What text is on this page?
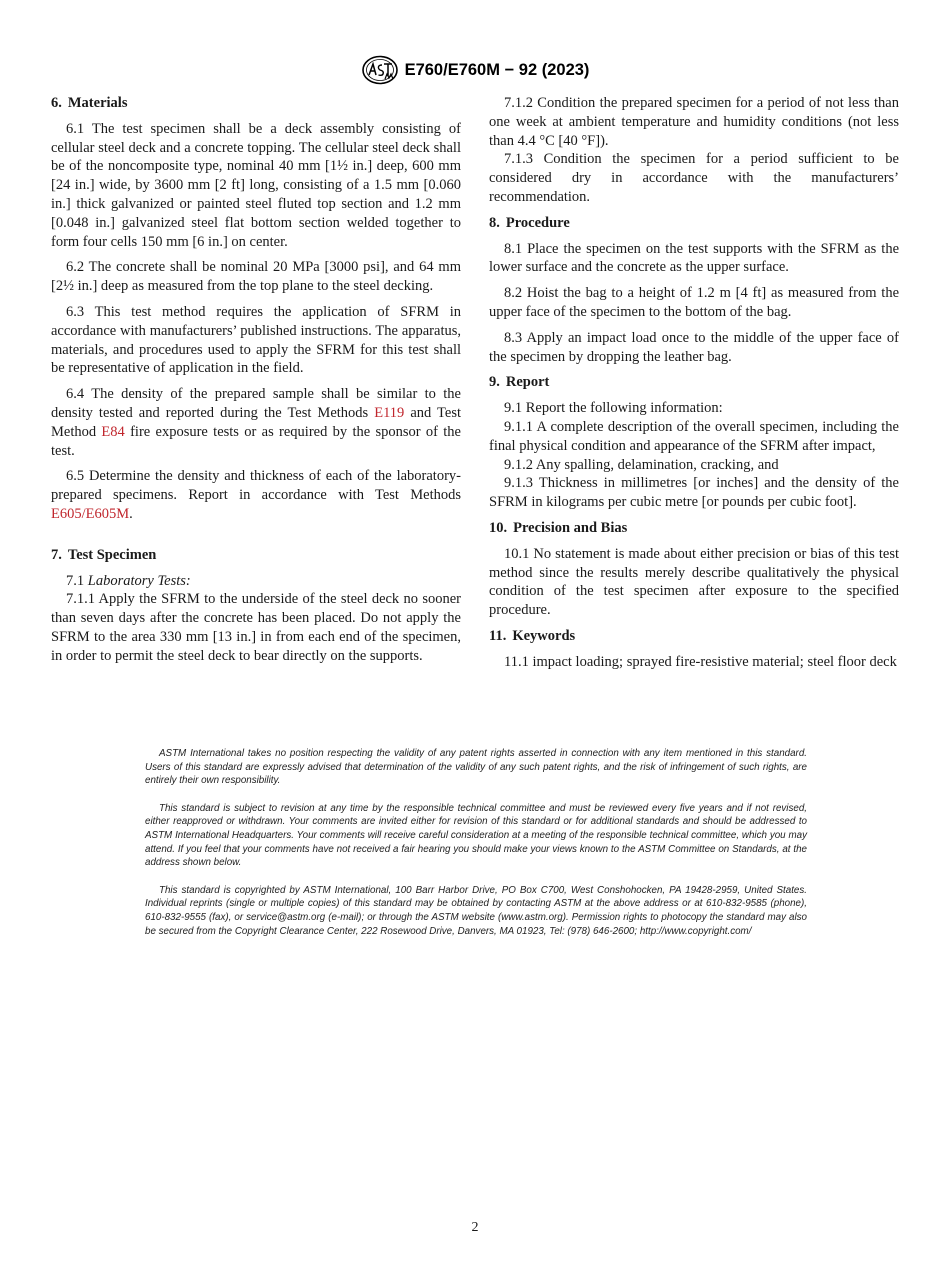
E760/E760M − 92 (2023)
6. Materials

6.1 The test specimen shall be a deck assembly consisting of cellular steel deck and a concrete topping. The cellular steel deck shall be of the noncomposite type, nominal 40 mm [1½ in.] deep, 600 mm [24 in.] wide, by 3600 mm [2 ft] long, consisting of a 1.5 mm [0.060 in.] thick galvanized or painted steel fluted top section and 1.2 mm [0.048 in.] galvanized steel flat bottom section welded together to form four cells 150 mm [6 in.] on center.

6.2 The concrete shall be nominal 20 MPa [3000 psi], and 64 mm [2½ in.] deep as measured from the top plane to the steel decking.

6.3 This test method requires the application of SFRM in accordance with manufacturers’ published instructions. The apparatus, materials, and procedures used to apply the SFRM for this test shall be representative of application in the field.

6.4 The density of the prepared sample shall be similar to the density tested and reported during the Test Methods E119 and Test Method E84 fire exposure tests or as required by the sponsor of the test.

6.5 Determine the density and thickness of each of the laboratory-prepared specimens. Report in accordance with Test Methods E605/E605M.

7. Test Specimen

7.1 Laboratory Tests:

7.1.1 Apply the SFRM to the underside of the steel deck no sooner than seven days after the concrete has been placed. Do not apply the SFRM to the area 330 mm [13 in.] in from each end of the specimen, in order to permit the steel deck to bear directly on the supports.

7.1.2 Condition the prepared specimen for a period of not less than one week at ambient temperature and humidity conditions (not less than 4.4 °C [40 °F]).

7.1.3 Condition the specimen for a period sufficient to be considered dry in accordance with the manufacturers’ recommendation.

8. Procedure

8.1 Place the specimen on the test supports with the SFRM as the lower surface and the concrete as the upper surface.

8.2 Hoist the bag to a height of 1.2 m [4 ft] as measured from the upper face of the specimen to the bottom of the bag.

8.3 Apply an impact load once to the middle of the upper face of the specimen by dropping the leather bag.

9. Report

9.1 Report the following information:

9.1.1 A complete description of the overall specimen, including the final physical condition and appearance of the SFRM after impact,

9.1.2 Any spalling, delamination, cracking, and

9.1.3 Thickness in millimetres [or inches] and the density of the SFRM in kilograms per cubic metre [or pounds per cubic foot].

10. Precision and Bias

10.1 No statement is made about either precision or bias of this test method since the results merely describe qualitatively the physical condition of the test specimen after exposure to the specified procedure.

11. Keywords

11.1 impact loading; sprayed fire-resistive material; steel floor deck

ASTM International takes no position respecting the validity of any patent rights asserted in connection with any item mentioned in this standard. Users of this standard are expressly advised that determination of the validity of any such patent rights, and the risk of infringement of such rights, are entirely their own responsibility.

This standard is subject to revision at any time by the responsible technical committee and must be reviewed every five years and if not revised, either reapproved or withdrawn. Your comments are invited either for revision of this standard or for additional standards and should be addressed to ASTM International Headquarters. Your comments will receive careful consideration at a meeting of the responsible technical committee, which you may attend. If you feel that your comments have not received a fair hearing you should make your views known to the ASTM Committee on Standards, at the address shown below.

This standard is copyrighted by ASTM International, 100 Barr Harbor Drive, PO Box C700, West Conshohocken, PA 19428-2959, United States. Individual reprints (single or multiple copies) of this standard may be obtained by contacting ASTM at the above address or at 610-832-9585 (phone), 610-832-9555 (fax), or service@astm.org (e-mail); or through the ASTM website (www.astm.org). Permission rights to photocopy the standard may also be secured from the Copyright Clearance Center, 222 Rosewood Drive, Danvers, MA 01923, Tel: (978) 646-2600; http://www.copyright.com/

2
